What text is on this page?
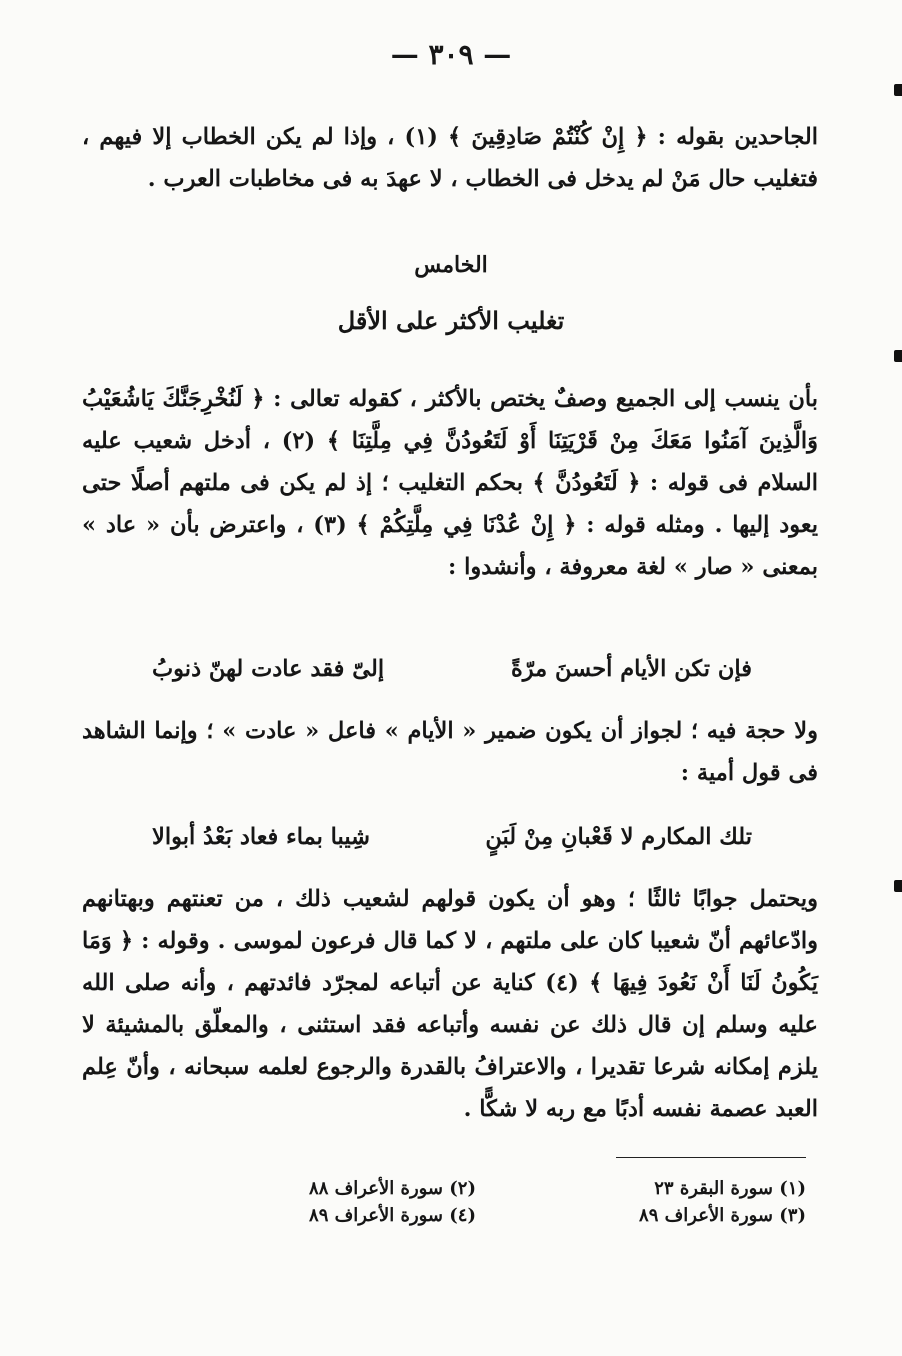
— ٣٠٩ —
الجاحدين بقوله : ﴿ إِنْ كُنْتُمْ صَادِقِينَ ﴾ (١) ، وإذا لم يكن الخطاب إلا فيهم ، فتغليب حال مَنْ لم يدخل فى الخطاب ، لا عهدَ به فى مخاطبات العرب .
الخامس
تغليب الأكثر على الأقل
بأن ينسب إلى الجميع وصفٌ يختص بالأكثر ، كقوله تعالى : ﴿ لَنُخْرِجَنَّكَ يَاشُعَيْبُ وَالَّذِينَ آمَنُوا مَعَكَ مِنْ قَرْيَتِنَا أَوْ لَتَعُودُنَّ فِي مِلَّتِنَا ﴾ (٢) ، أدخل شعيب عليه السلام فى قوله : ﴿ لَتَعُودُنَّ ﴾ بحكم التغليب ؛ إذ لم يكن فى ملتهم أصلًا حتى يعود إليها . ومثله قوله : ﴿ إِنْ عُدْنَا فِي مِلَّتِكُمْ ﴾ (٣) ، واعترض بأن « عاد » بمعنى « صار » لغة معروفة ، وأنشدوا :
فإن تكن الأيام أحسنَ مرّةً
إلىّ فقد عادت لهنّ ذنوبُ
ولا حجة فيه ؛ لجواز أن يكون ضمير « الأيام » فاعل « عادت » ؛ وإنما الشاهد فى قول أمية :
تلك المكارم لا قَعْبانِ مِنْ لَبَنٍ
شِيبا بماء فعاد بَعْدُ أبوالا
ويحتمل جوابًا ثالثًا ؛ وهو أن يكون قولهم لشعيب ذلك ، من تعنتهم وبهتانهم وادّعائهم أنّ شعيبا كان على ملتهم ، لا كما قال فرعون لموسى . وقوله : ﴿ وَمَا يَكُونُ لَنَا أَنْ نَعُودَ فِيهَا ﴾ (٤) كناية عن أتباعه لمجرّد فائدتهم ، وأنه صلى الله عليه وسلم إن قال ذلك عن نفسه وأتباعه فقد استثنى ، والمعلّق بالمشيئة لا يلزم إمكانه شرعا تقديرا ، والاعترافُ بالقدرة والرجوع لعلمه سبحانه ، وأنّ عِلم العبد عصمة نفسه أدبًا مع ربه لا شكًّا .
(١) سورة البقرة ٢٣
(٢) سورة الأعراف ٨٨
(٣) سورة الأعراف ٨٩
(٤) سورة الأعراف ٨٩
